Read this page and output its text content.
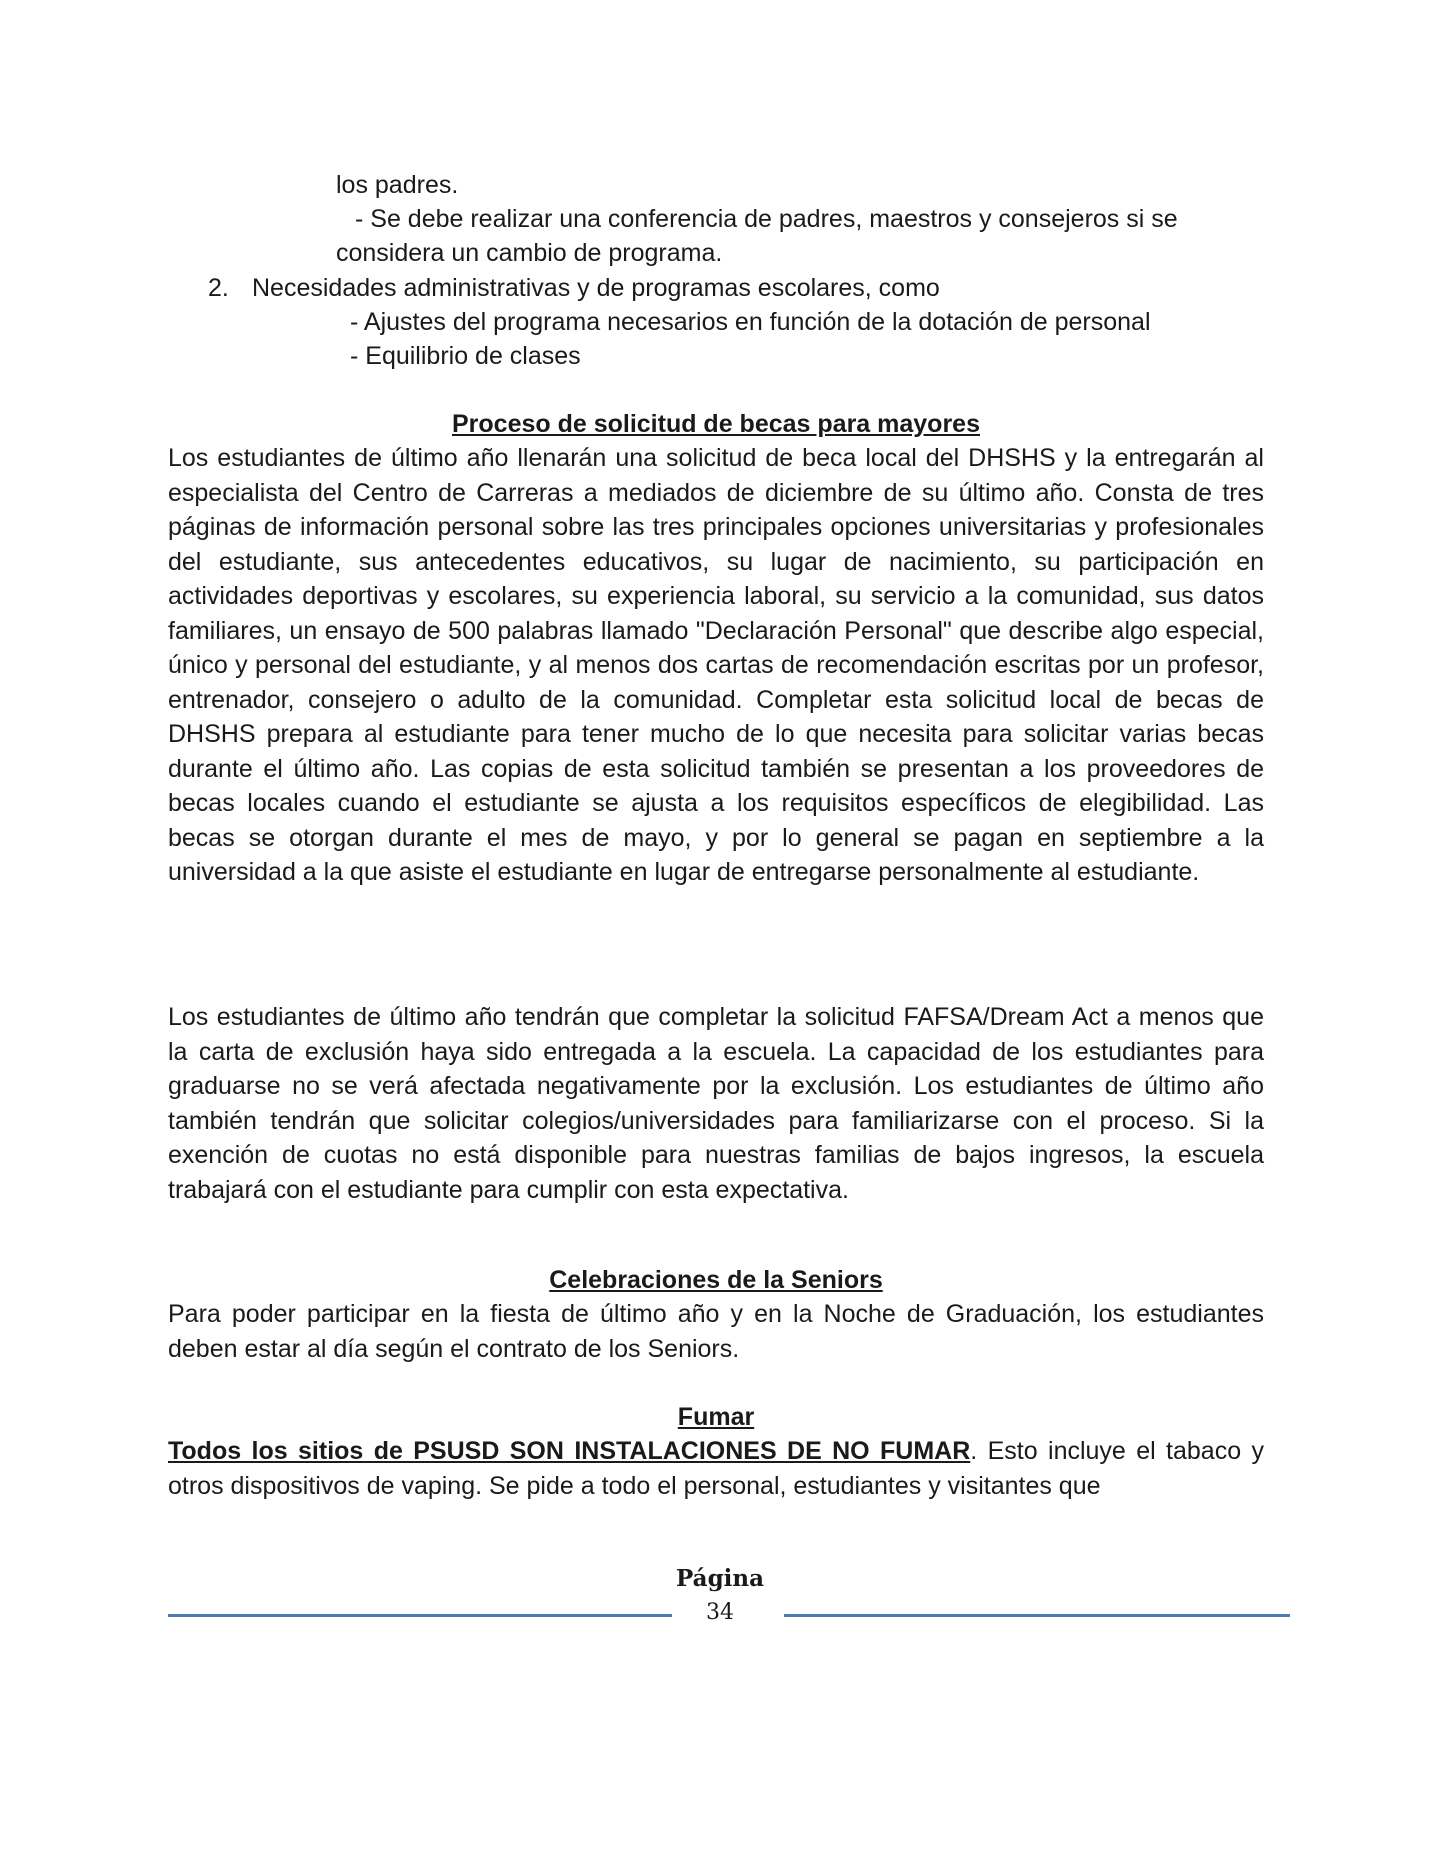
los padres.
- Se debe realizar una conferencia de padres, maestros y consejeros si se
considera un cambio de programa.
2. Necesidades administrativas y de programas escolares, como
- Ajustes del programa necesarios en función de la dotación de personal
- Equilibrio de clases
Proceso de solicitud de becas para mayores
Los estudiantes de último año llenarán una solicitud de beca local del DHSHS y la entregarán al especialista del Centro de Carreras a mediados de diciembre de su último año. Consta de tres páginas de información personal sobre las tres principales opciones universitarias y profesionales del estudiante, sus antecedentes educativos, su lugar de nacimiento, su participación en actividades deportivas y escolares, su experiencia laboral, su servicio a la comunidad, sus datos familiares, un ensayo de 500 palabras llamado "Declaración Personal" que describe algo especial, único y personal del estudiante, y al menos dos cartas de recomendación escritas por un profesor, entrenador, consejero o adulto de la comunidad. Completar esta solicitud local de becas de DHSHS prepara al estudiante para tener mucho de lo que necesita para solicitar varias becas durante el último año. Las copias de esta solicitud también se presentan a los proveedores de becas locales cuando el estudiante se ajusta a los requisitos específicos de elegibilidad. Las becas se otorgan durante el mes de mayo, y por lo general se pagan en septiembre a la universidad a la que asiste el estudiante en lugar de entregarse personalmente al estudiante.
Los estudiantes de último año tendrán que completar la solicitud FAFSA/Dream Act a menos que la carta de exclusión haya sido entregada a la escuela. La capacidad de los estudiantes para graduarse no se verá afectada negativamente por la exclusión. Los estudiantes de último año también tendrán que solicitar colegios/universidades para familiarizarse con el proceso. Si la exención de cuotas no está disponible para nuestras familias de bajos ingresos, la escuela trabajará con el estudiante para cumplir con esta expectativa.
Celebraciones de la Seniors
Para poder participar en la fiesta de último año y en la Noche de Graduación, los estudiantes deben estar al día según el contrato de los Seniors.
Fumar
Todos los sitios de PSUSD SON INSTALACIONES DE NO FUMAR. Esto incluye el tabaco y otros dispositivos de vaping. Se pide a todo el personal, estudiantes y visitantes que
Página
34
